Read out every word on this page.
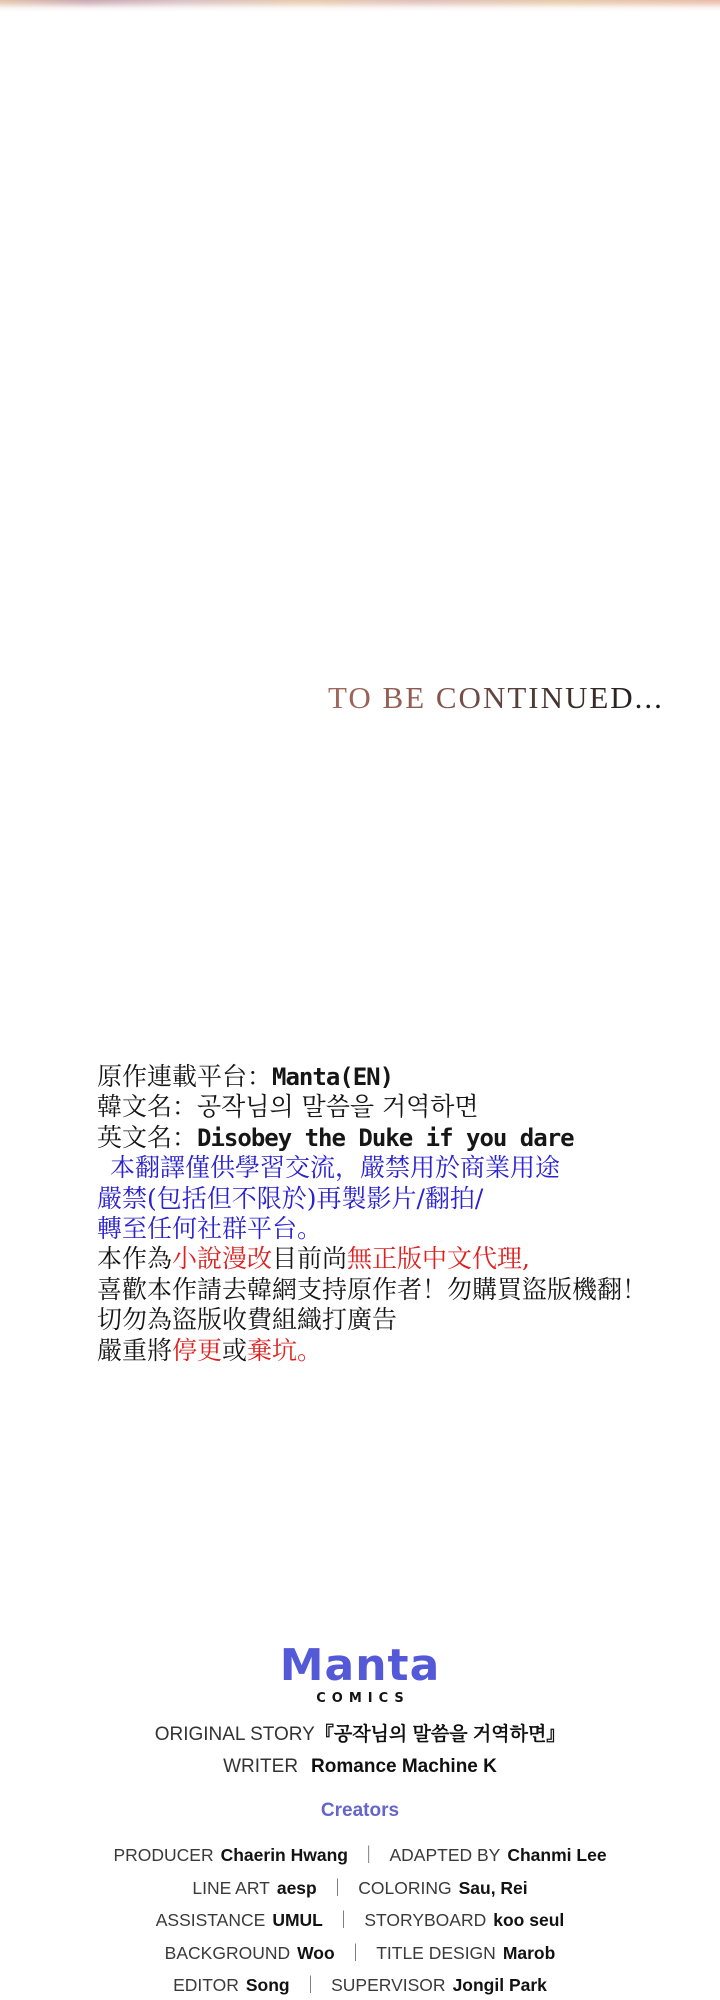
TO BE CONTINUED...
原作連載平台：Manta(EN)
韓文名：공작님의 말씀을 거역하면
英文名：Disobey the Duke if you dare
本翻譯僅供學習交流，嚴禁用於商業用途
嚴禁(包括但不限於)再製影片/翻拍/
轉至任何社群平台。
本作為小說漫改目前尚無正版中文代理,
喜歡本作請去韓網支持原作者！勿購買盜版機翻！
切勿為盜版收費組織打廣告
嚴重將停更或棄坑。
Manta
COMICS
ORIGINAL STORY『공작님의 말씀을 거역하면』
WRITER Romance Machine K
Creators
PRODUCER Chaerin Hwang ｜ ADAPTED BY Chanmi Lee
LINE ART aesp ｜ COLORING Sau, Rei
ASSISTANCE UMUL ｜ STORYBOARD koo seul
BACKGROUND Woo ｜ TITLE DESIGN Marob
EDITOR Song ｜ SUPERVISOR Jongil Park
